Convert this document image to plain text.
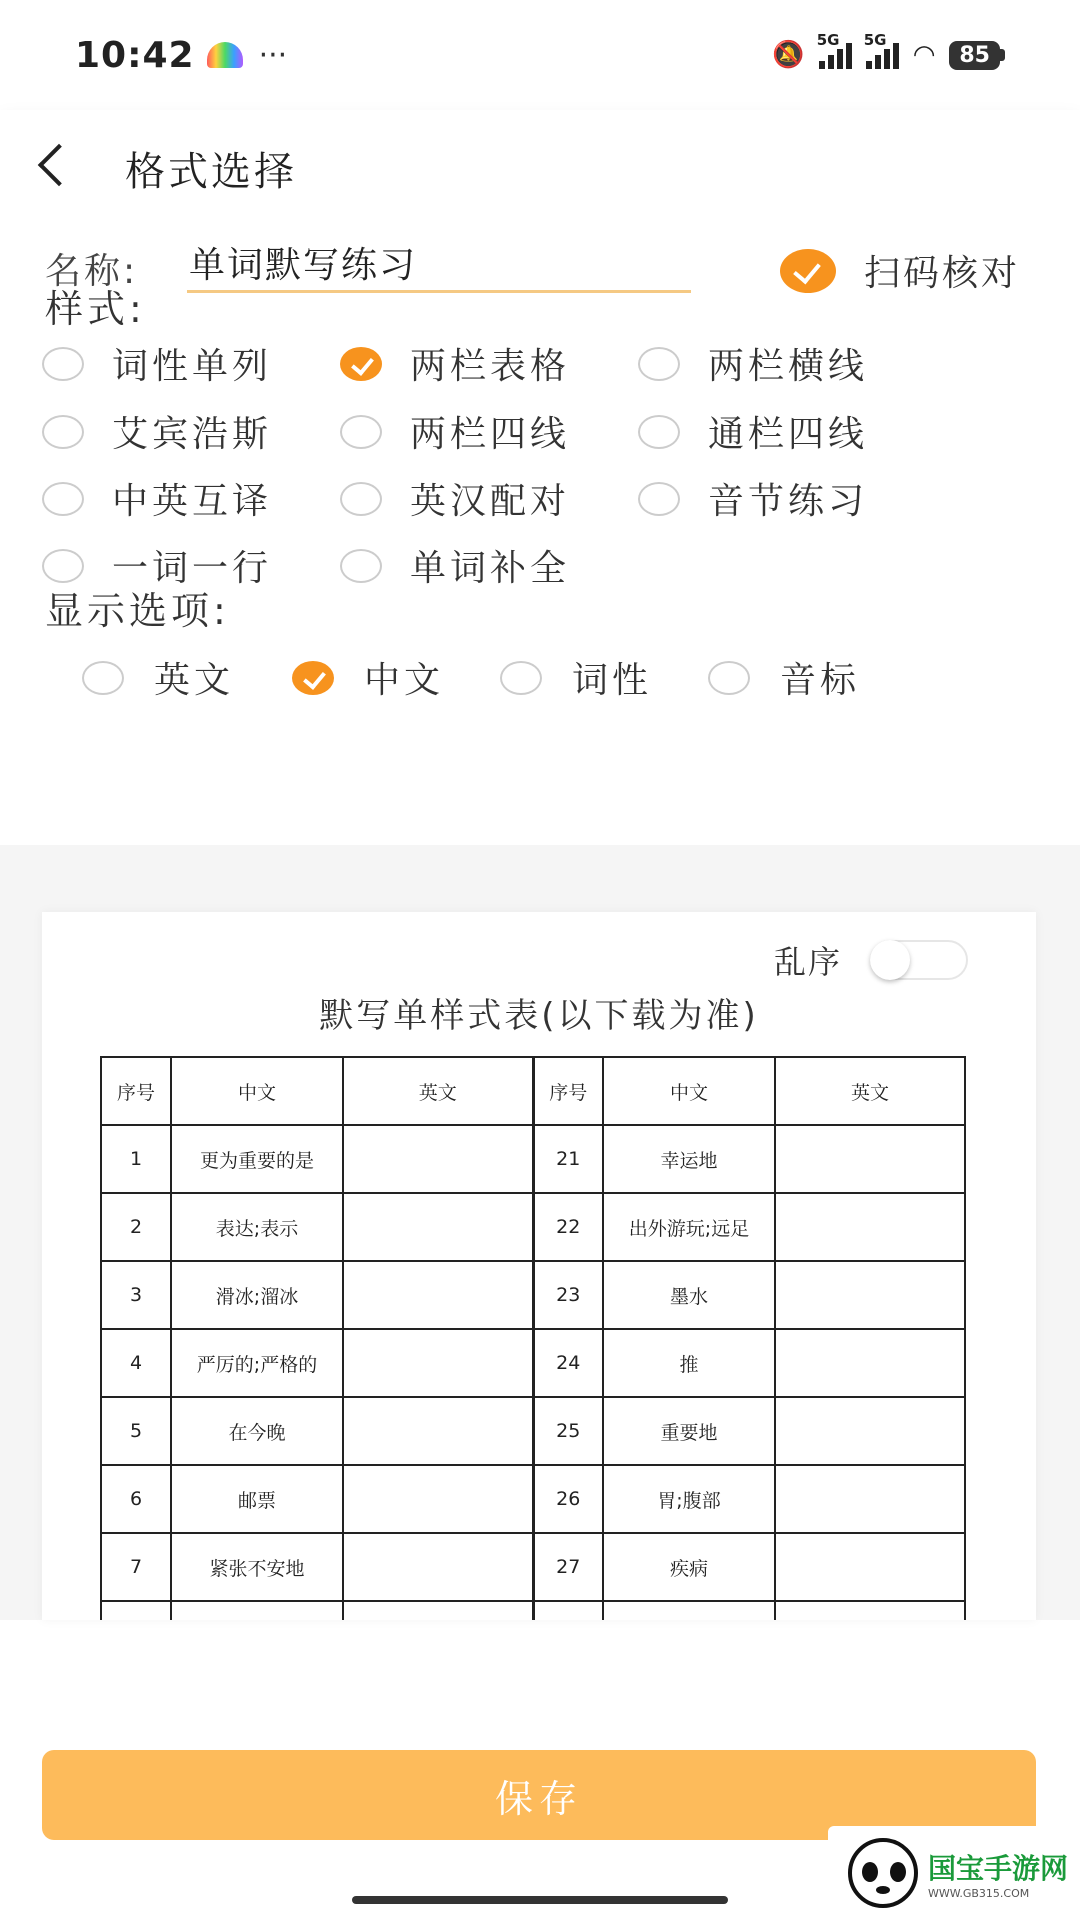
10:42 ···	🔕 5G 5G ◠	85
格式选择
名称:
单词默写练习	扫码核对
样式:
词性单列	两栏表格	两栏横线
艾宾浩斯	两栏四线	通栏四线
中英互译	英汉配对	音节练习
一词一行	单词补全
显示选项:
英文	中文	词性	音标
乱序
默写单样式表(以下载为准)
序号	中文	英文	序号	中文	英文
1	更为重要的是		21	幸运地	
2	表达;表示		22	出外游玩;远足	
3	滑冰;溜冰		23	墨水	
4	严厉的;严格的		24	推	
5	在今晚		25	重要地	
6	邮票		26	胃;腹部	
7	紧张不安地		27	疾病	

保存
国宝手游网
WWW.GB315.COM
